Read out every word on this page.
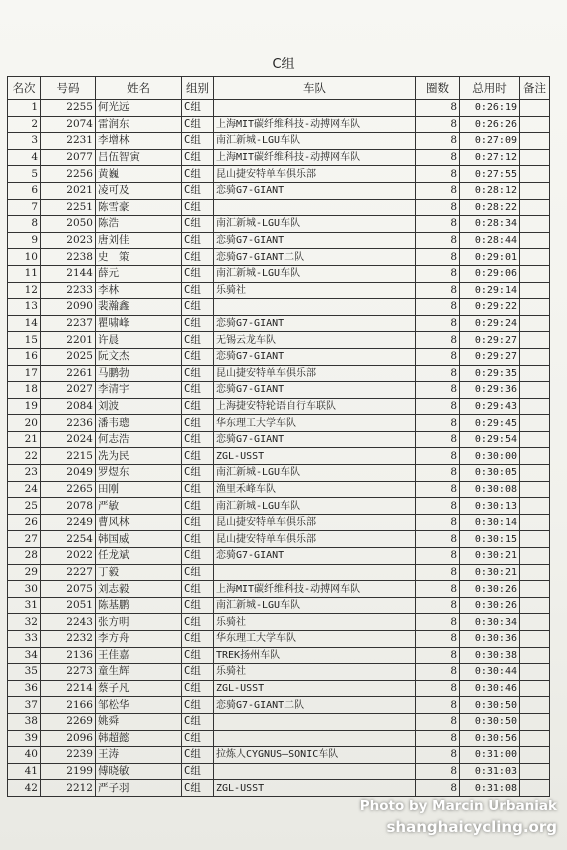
C组
名次	号码	姓名	组别	车队	圈数	总用时	备注
1	2255	何光远	C组		8	0:26:19	
2	2074	雷润东	C组	上海MIT碳纤维科技-动搏网车队	8	0:26:26	
3	2231	李增林	C组	南汇新城-LGU车队	8	0:27:09	
4	2077	吕伍智寅	C组	上海MIT碳纤维科技-动搏网车队	8	0:27:12	
5	2256	黄巍	C组	昆山捷安特单车俱乐部	8	0:27:55	
6	2021	凌可及	C组	恋骑G7-GIANT	8	0:28:12	
7	2251	陈雪豪	C组		8	0:28:22	
8	2050	陈浩	C组	南汇新城-LGU车队	8	0:28:34	
9	2023	唐刘佳	C组	恋骑G7-GIANT	8	0:28:44	
10	2238	史　策	C组	恋骑G7-GIANT二队	8	0:29:01	
11	2144	薛元	C组	南汇新城-LGU车队	8	0:29:06	
12	2233	李林	C组	乐骑社	8	0:29:14	
13	2090	裴瀚鑫	C组		8	0:29:22	
14	2237	瞿啸峰	C组	恋骑G7-GIANT	8	0:29:24	
15	2201	许晨	C组	无锡云龙车队	8	0:29:27	
16	2025	阮文杰	C组	恋骑G7-GIANT	8	0:29:27	
17	2261	马鹏勃	C组	昆山捷安特单车俱乐部	8	0:29:35	
18	2027	李清宇	C组	恋骑G7-GIANT	8	0:29:36	
19	2084	刘波	C组	上海捷安特轮语自行车联队	8	0:29:43	
20	2236	潘韦璁	C组	华东理工大学车队	8	0:29:45	
21	2024	何志浩	C组	恋骑G7-GIANT	8	0:29:54	
22	2215	冼为民	C组	ZGL-USST	8	0:30:00	
23	2049	罗煜东	C组	南汇新城-LGU车队	8	0:30:05	
24	2265	田刚	C组	渔里禾峰车队	8	0:30:08	
25	2078	严敏	C组	南汇新城-LGU车队	8	0:30:13	
26	2249	曹风林	C组	昆山捷安特单车俱乐部	8	0:30:14	
27	2254	韩国威	C组	昆山捷安特单车俱乐部	8	0:30:15	
28	2022	任龙斌	C组	恋骑G7-GIANT	8	0:30:21	
29	2227	丁毅	C组		8	0:30:21	
30	2075	刘志毅	C组	上海MIT碳纤维科技-动搏网车队	8	0:30:26	
31	2051	陈基鹏	C组	南汇新城-LGU车队	8	0:30:26	
32	2243	张方明	C组	乐骑社	8	0:30:34	
33	2232	李方舟	C组	华东理工大学车队	8	0:30:36	
34	2136	王佳嘉	C组	TREK扬州车队	8	0:30:38	
35	2273	童生辉	C组	乐骑社	8	0:30:44	
36	2214	蔡子凡	C组	ZGL-USST	8	0:30:46	
37	2166	邹松华	C组	恋骑G7-GIANT二队	8	0:30:50	
38	2269	姚舜	C组		8	0:30:50	
39	2096	韩超懿	C组		8	0:30:56	
40	2239	王涛	C组	拉炼人CYGNUS—SONIC车队	8	0:31:00	
41	2199	傅晓敏	C组		8	0:31:03	
42	2212	严子羽	C组	ZGL-USST	8	0:31:08	
Photo by Marcin Urbaniak
shanghaicycling.org
